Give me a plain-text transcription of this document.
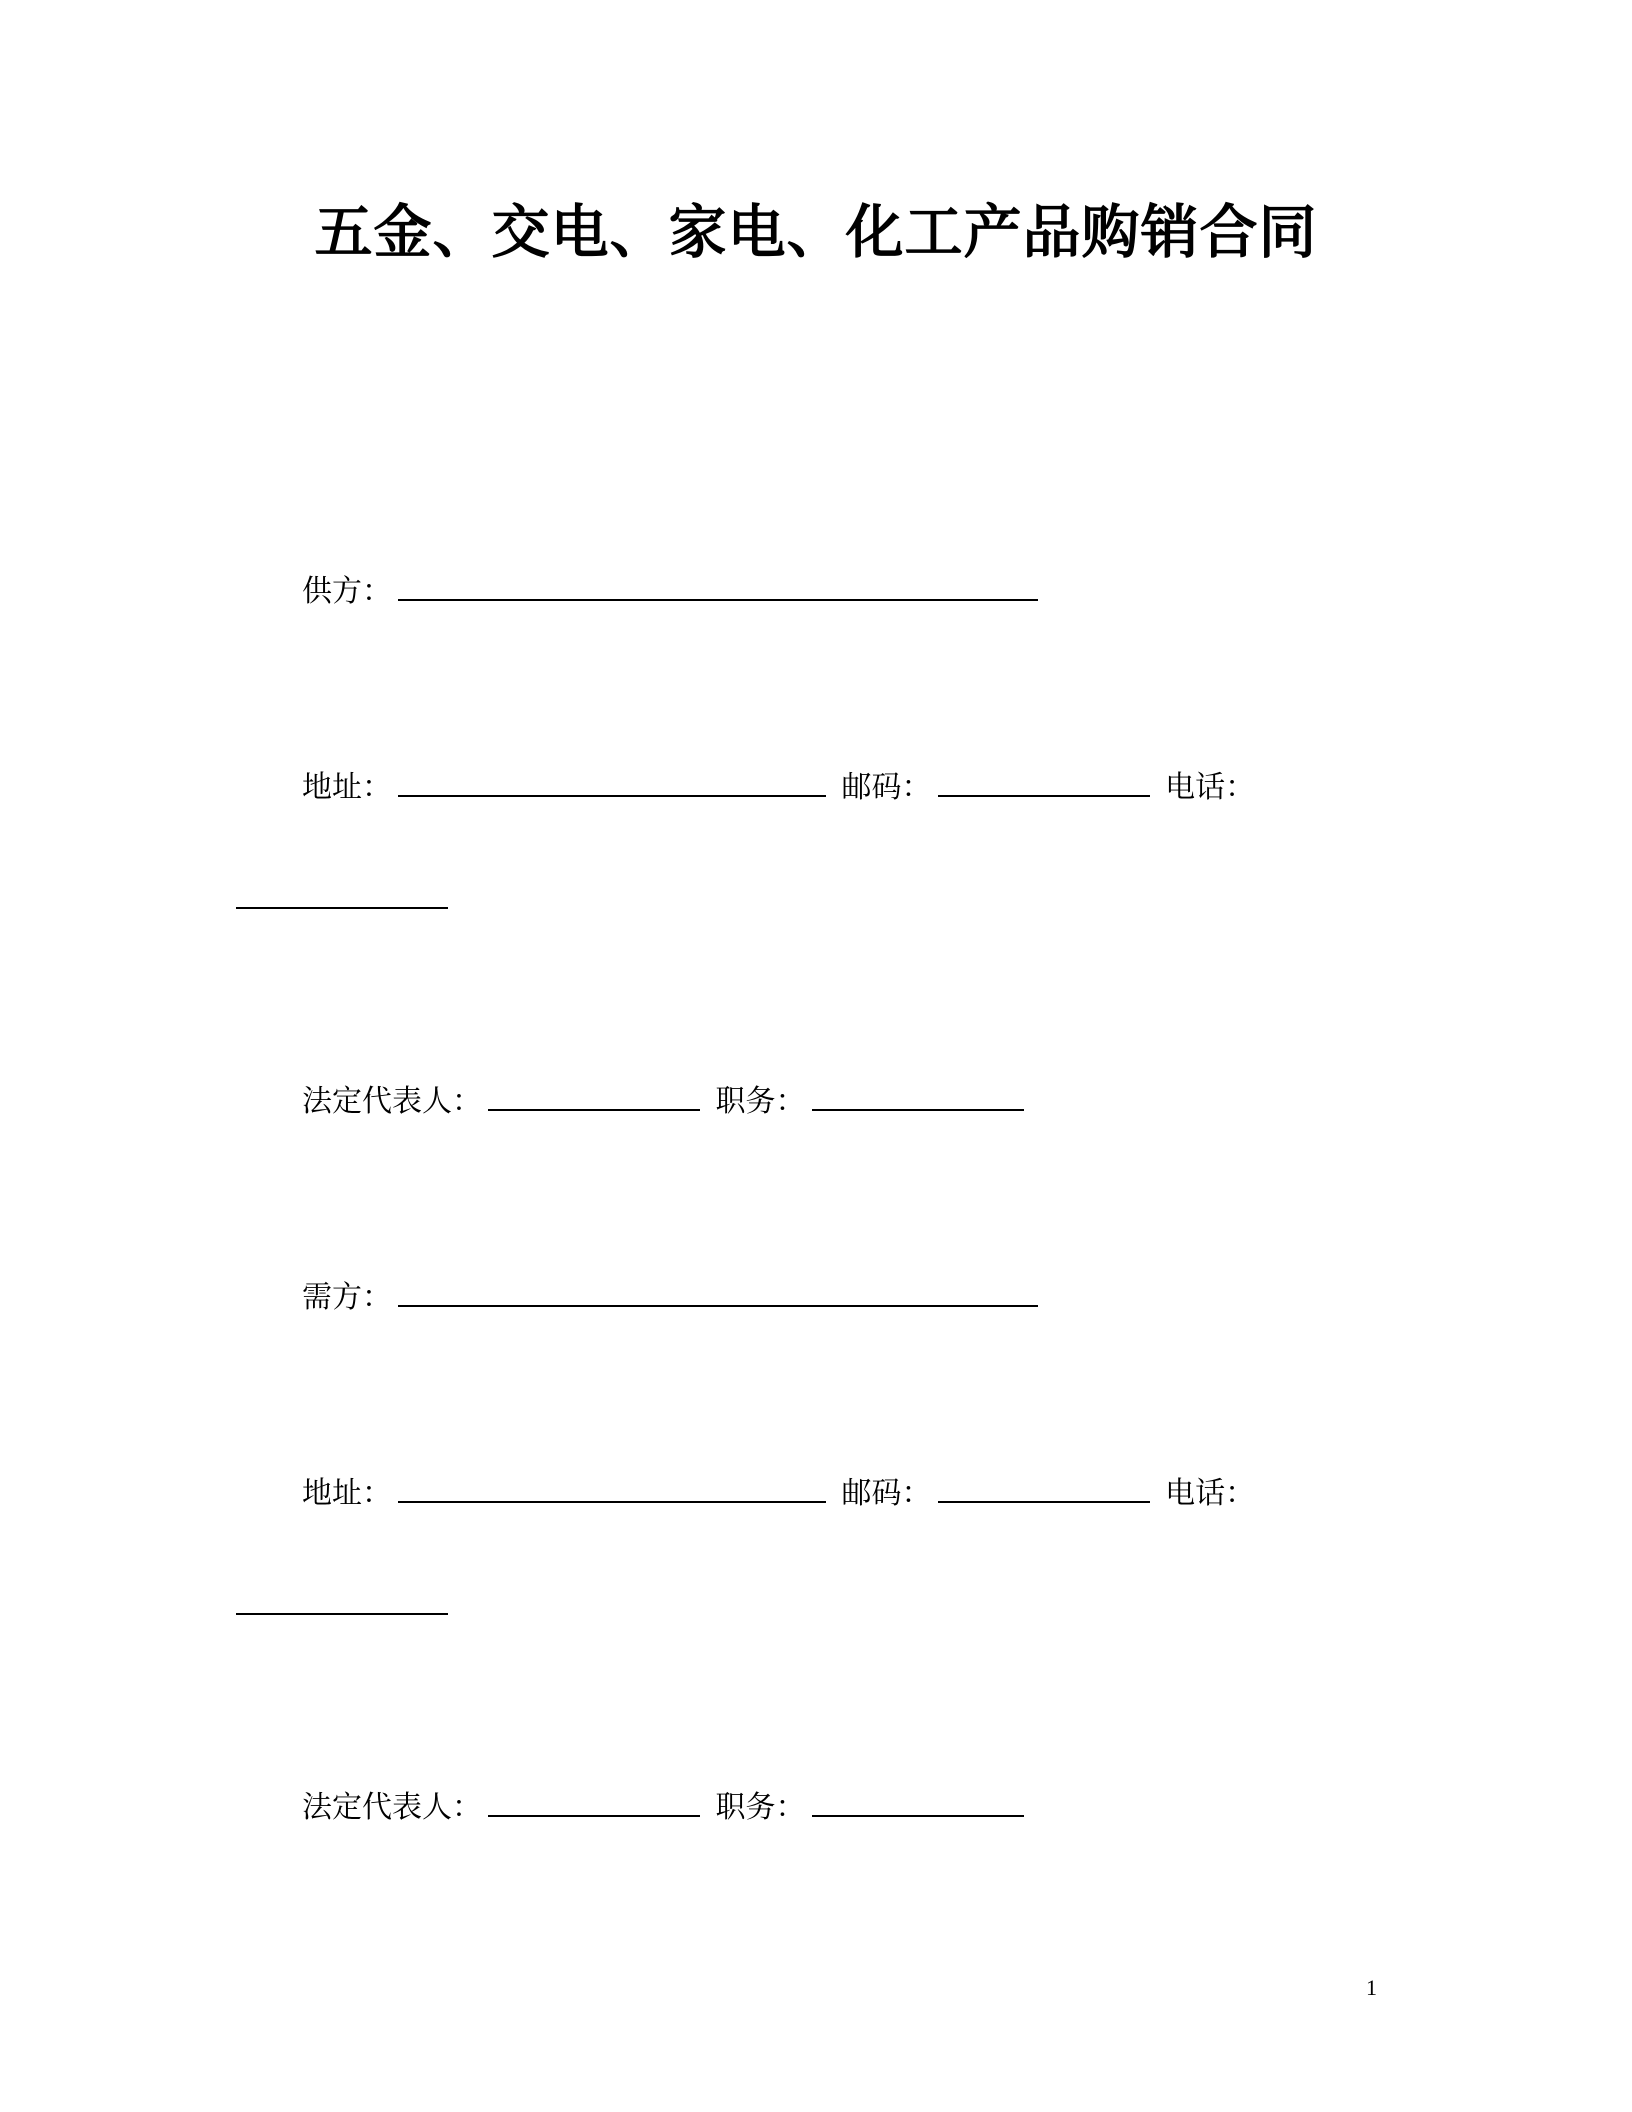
五金、交电、家电、化工产品购销合同
供方：
地址：	邮码：	电话：
法定代表人：	职务：
需方：
地址：	邮码：	电话：
法定代表人：	职务：
1
